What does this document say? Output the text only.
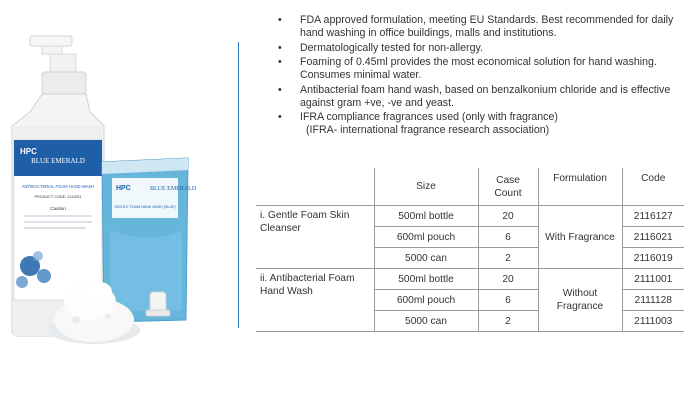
HPC
BLUE EMERALD
ANTIBACTERIAL FOAM HAND WASH
PRODUCT CODE: 2111001
Caution
HPC	BLUE EMERALD
GENTLE FOAM HAND WASH (BLUE)
• FDA approved formulation, meeting EU Standards. Best recommended for daily hand washing in office buildings, malls and institutions.
• Dermatologically tested for non-allergy.
• Foaming of 0.45ml provides the most economical solution for hand washing. Consumes minimal water.
• Antibacterial foam hand wash, based on benzalkonium chloride and is effective against gram +ve, -ve and yeast.
• IFRA compliance fragrances used (only with fragrance)
(IFRA- international fragrance research association)
	Size	Case Count	Formulation	Code
i. Gentle Foam Skin Cleanser	500ml bottle	20	With Fragrance	2116127
	600ml pouch	6		2116021
	5000 can	2		2116019
ii. Antibacterial Foam Hand Wash	500ml bottle	20	Without Fragrance	2111001
	600ml pouch	6		2111128
	5000 can	2		2111003
